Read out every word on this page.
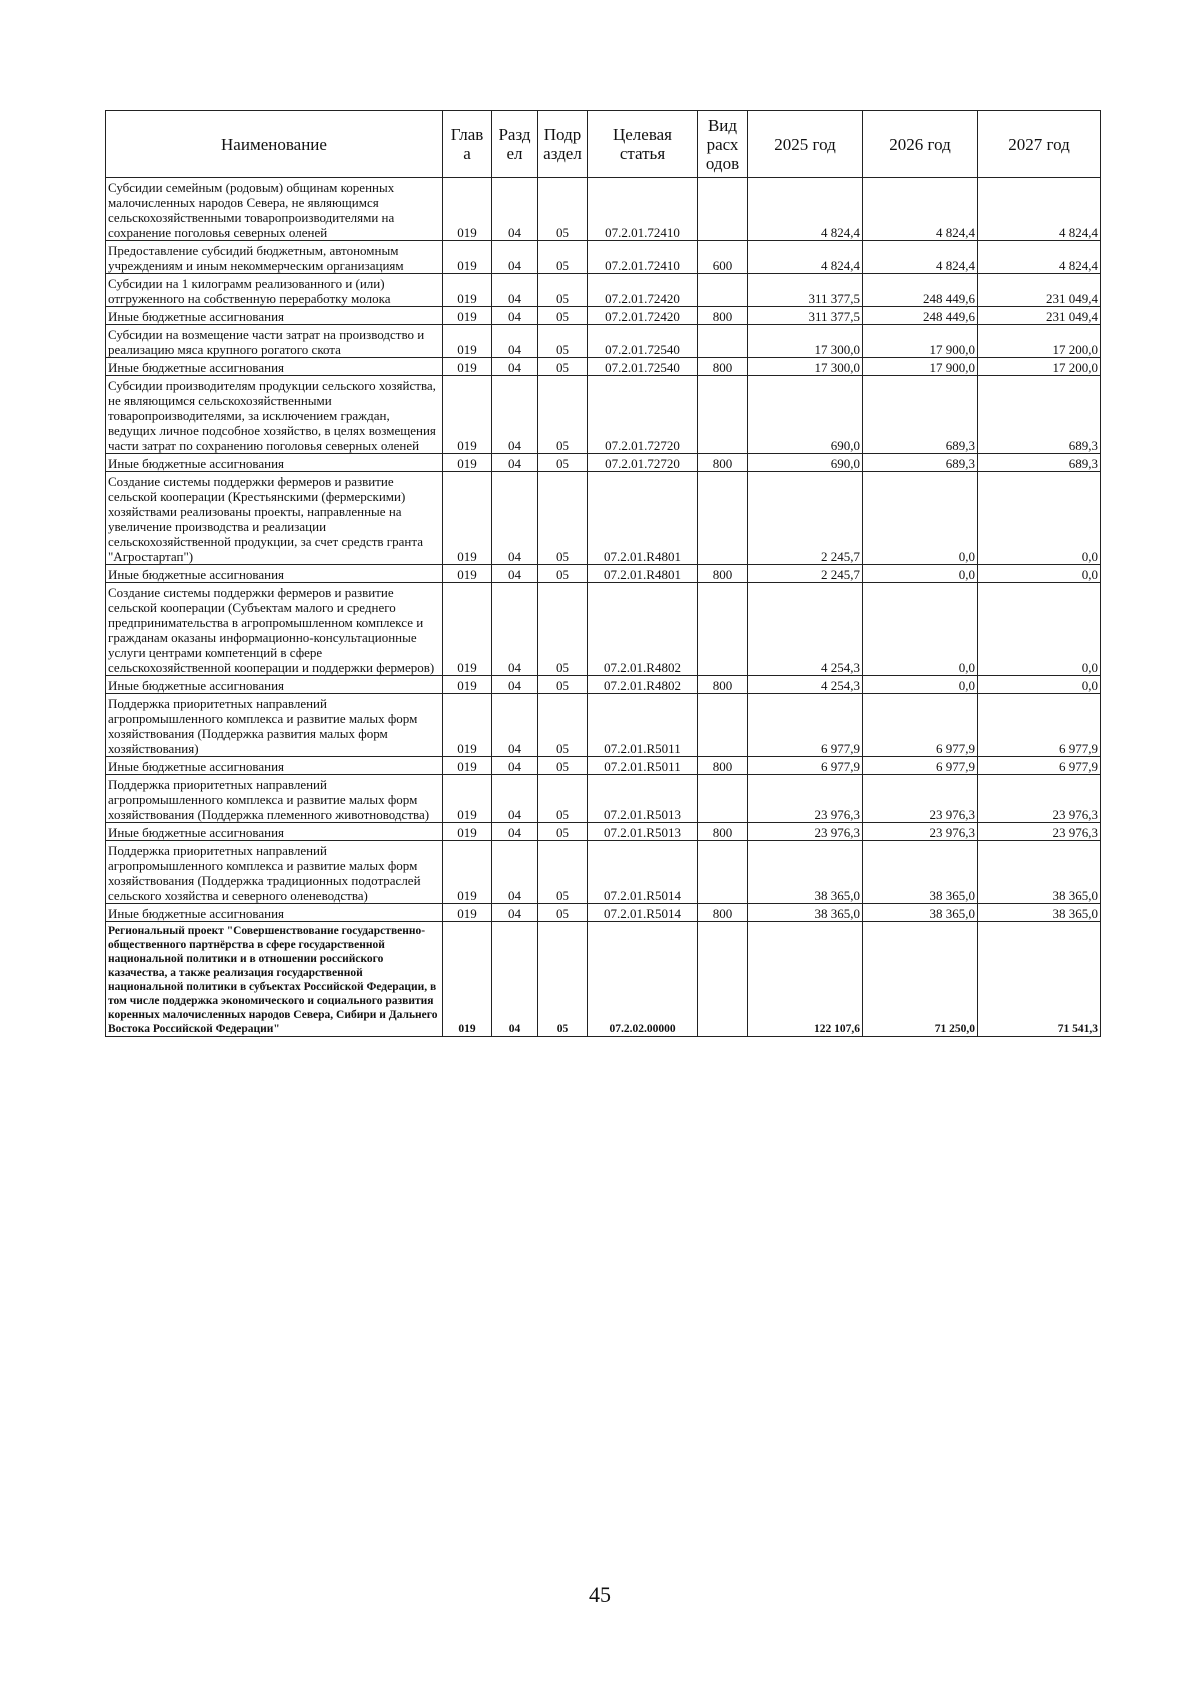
Наименование	Глав а	Разд ел	Подр аздел	Целевая статья	Вид расх одов	2025 год	2026 год	2027 год
Субсидии семейным (родовым) общинам коренных малочисленных народов Севера, не являющимся сельскохозяйственными товаропроизводителями на сохранение поголовья северных оленей	019	04	05	07.2.01.72410		4 824,4	4 824,4	4 824,4
Предоставление субсидий бюджетным, автономным учреждениям и иным некоммерческим организациям	019	04	05	07.2.01.72410	600	4 824,4	4 824,4	4 824,4
Субсидии на 1 килограмм реализованного и (или) отгруженного на собственную переработку молока	019	04	05	07.2.01.72420		311 377,5	248 449,6	231 049,4
Иные бюджетные ассигнования	019	04	05	07.2.01.72420	800	311 377,5	248 449,6	231 049,4
Субсидии на возмещение части затрат на производство и реализацию мяса крупного рогатого скота	019	04	05	07.2.01.72540		17 300,0	17 900,0	17 200,0
Иные бюджетные ассигнования	019	04	05	07.2.01.72540	800	17 300,0	17 900,0	17 200,0
Субсидии производителям продукции сельского хозяйства, не являющимся сельскохозяйственными товаропроизводителями, за исключением граждан, ведущих личное подсобное хозяйство, в целях возмещения части затрат по сохранению поголовья северных оленей	019	04	05	07.2.01.72720		690,0	689,3	689,3
Иные бюджетные ассигнования	019	04	05	07.2.01.72720	800	690,0	689,3	689,3
Создание системы поддержки фермеров и развитие сельской кооперации (Крестьянскими (фермерскими) хозяйствами реализованы проекты, направленные на увеличение производства и реализации сельскохозяйственной продукции, за счет средств гранта "Агростартап")	019	04	05	07.2.01.R4801		2 245,7	0,0	0,0
Иные бюджетные ассигнования	019	04	05	07.2.01.R4801	800	2 245,7	0,0	0,0
Создание системы поддержки фермеров и развитие сельской кооперации (Субъектам малого и среднего предпринимательства в агропромышленном комплексе и гражданам оказаны информационно-консультационные услуги центрами компетенций в сфере сельскохозяйственной кооперации и поддержки фермеров)	019	04	05	07.2.01.R4802		4 254,3	0,0	0,0
Иные бюджетные ассигнования	019	04	05	07.2.01.R4802	800	4 254,3	0,0	0,0
Поддержка приоритетных направлений агропромышленного комплекса и развитие малых форм хозяйствования (Поддержка развития малых форм хозяйствования)	019	04	05	07.2.01.R5011		6 977,9	6 977,9	6 977,9
Иные бюджетные ассигнования	019	04	05	07.2.01.R5011	800	6 977,9	6 977,9	6 977,9
Поддержка приоритетных направлений агропромышленного комплекса и развитие малых форм хозяйствования (Поддержка племенного животноводства)	019	04	05	07.2.01.R5013		23 976,3	23 976,3	23 976,3
Иные бюджетные ассигнования	019	04	05	07.2.01.R5013	800	23 976,3	23 976,3	23 976,3
Поддержка приоритетных направлений агропромышленного комплекса и развитие малых форм хозяйствования (Поддержка традиционных подотраслей сельского хозяйства и северного оленеводства)	019	04	05	07.2.01.R5014		38 365,0	38 365,0	38 365,0
Иные бюджетные ассигнования	019	04	05	07.2.01.R5014	800	38 365,0	38 365,0	38 365,0
Региональный проект "Совершенствование государственно-общественного партнёрства в сфере государственной национальной политики и в отношении российского казачества, а также реализация государственной национальной политики в субъектах Российской Федерации, в том числе поддержка экономического и социального развития коренных малочисленных народов Севера, Сибири и Дальнего Востока Российской Федерации"	019	04	05	07.2.02.00000		122 107,6	71 250,0	71 541,3
45
